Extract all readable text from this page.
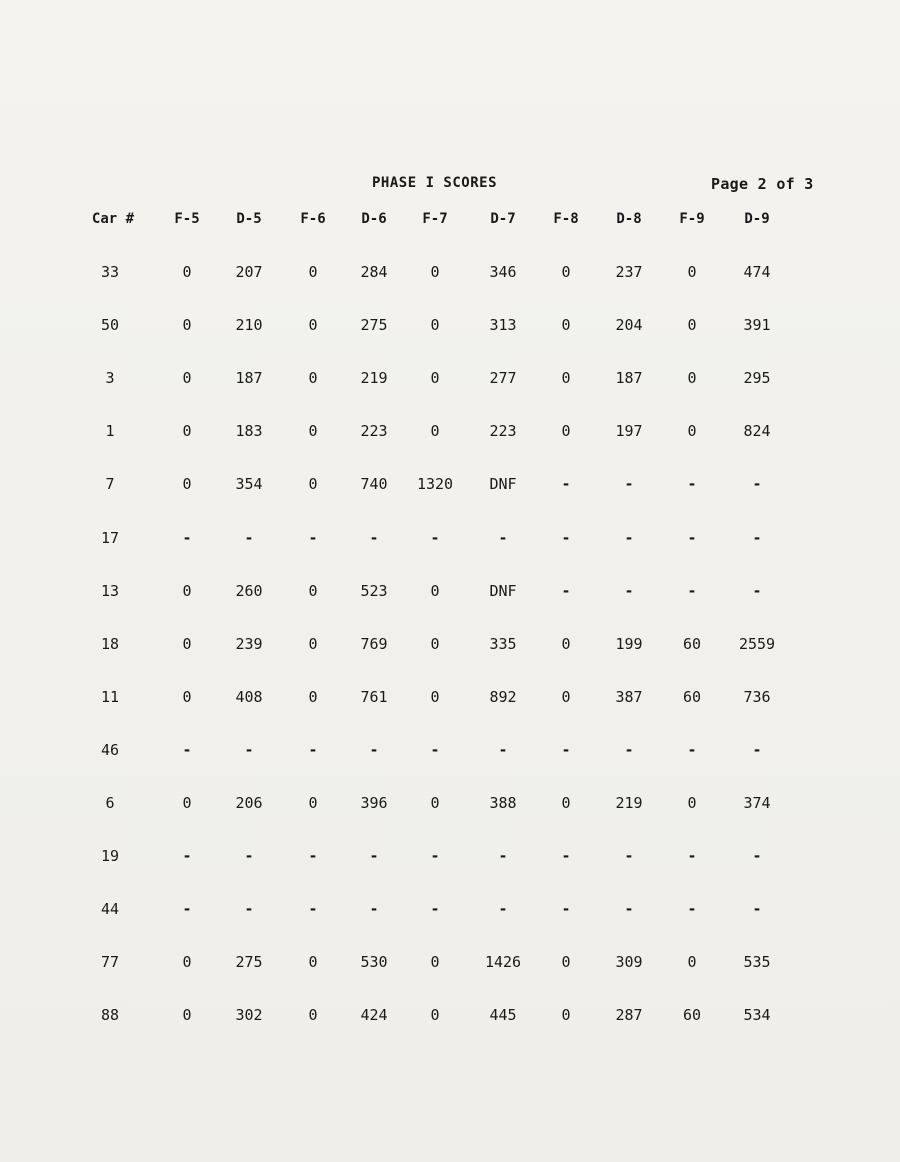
PHASE I SCORES	Page 2 of 3
Car #	F-5	D-5	F-6	D-6	F-7	D-7	F-8	D-8	F-9	D-9
33	0	207	0	284	0	346	0	237	0	474
50	0	210	0	275	0	313	0	204	0	391
3	0	187	0	219	0	277	0	187	0	295
1	0	183	0	223	0	223	0	197	0	824
7	0	354	0	740	1320	DNF	-	-	-	-
17	-	-	-	-	-	-	-	-	-	-
13	0	260	0	523	0	DNF	-	-	-	-
18	0	239	0	769	0	335	0	199	60	2559
11	0	408	0	761	0	892	0	387	60	736
46	-	-	-	-	-	-	-	-	-	-
6	0	206	0	396	0	388	0	219	0	374
19	-	-	-	-	-	-	-	-	-	-
44	-	-	-	-	-	-	-	-	-	-
77	0	275	0	530	0	1426	0	309	0	535
88	0	302	0	424	0	445	0	287	60	534
